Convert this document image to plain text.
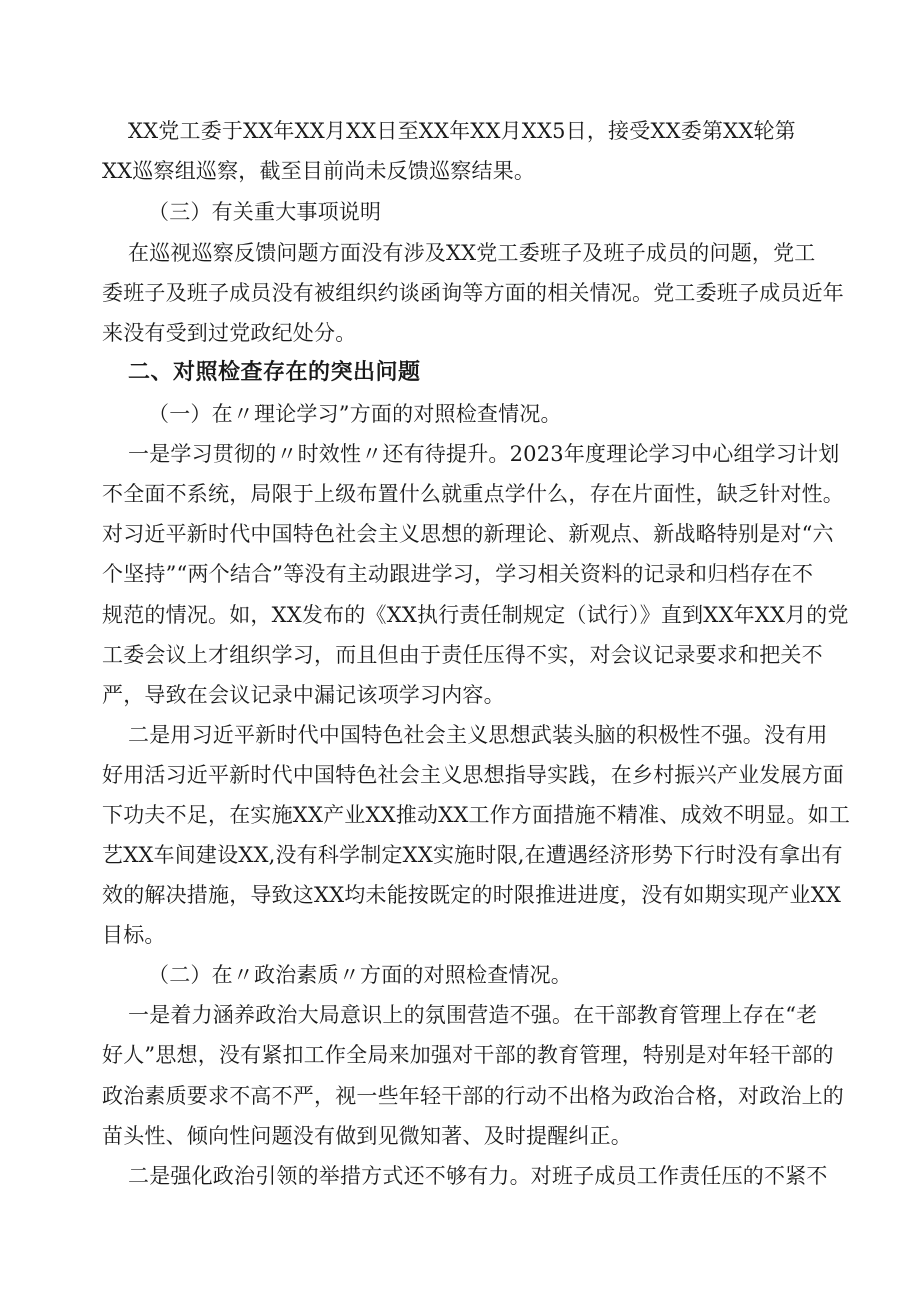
XX党工委于XX年XX月XX日至XX年XX月XX5日，接受XX委第XX轮第
XX巡察组巡察，截至目前尚未反馈巡察结果。
（三）有关重大事项说明
在巡视巡察反馈问题方面没有涉及XX党工委班子及班子成员的问题，党工
委班子及班子成员没有被组织约谈函询等方面的相关情况。党工委班子成员近年
来没有受到过党政纪处分。
二、对照检查存在的突出问题
（一）在〃理论学习”方面的对照检查情况。
一是学习贯彻的〃时效性〃还有待提升。2023年度理论学习中心组学习计划
不全面不系统，局限于上级布置什么就重点学什么，存在片面性，缺乏针对性。
对习近平新时代中国特色社会主义思想的新理论、新观点、新战略特别是对“六
个坚持”“两个结合”等没有主动跟进学习，学习相关资料的记录和归档存在不
规范的情况。如，XX发布的《XX执行责任制规定（试行）》直到XX年XX月的党
工委会议上才组织学习，而且但由于责任压得不实，对会议记录要求和把关不
严，导致在会议记录中漏记该项学习内容。
二是用习近平新时代中国特色社会主义思想武装头脑的积极性不强。没有用
好用活习近平新时代中国特色社会主义思想指导实践，在乡村振兴产业发展方面
下功夫不足，在实施XX产业XX推动XX工作方面措施不精准、成效不明显。如工
艺XX车间建设XX,没有科学制定XX实施时限,在遭遇经济形势下行时没有拿出有
效的解决措施，导致这XX均未能按既定的时限推进进度，没有如期实现产业XX
目标。
（二）在〃政治素质〃方面的对照检查情况。
一是着力涵养政治大局意识上的氛围营造不强。在干部教育管理上存在“老
好人”思想，没有紧扣工作全局来加强对干部的教育管理，特别是对年轻干部的
政治素质要求不高不严，视一些年轻干部的行动不出格为政治合格，对政治上的
苗头性、倾向性问题没有做到见微知著、及时提醒纠正。
二是强化政治引领的举措方式还不够有力。对班子成员工作责任压的不紧不
